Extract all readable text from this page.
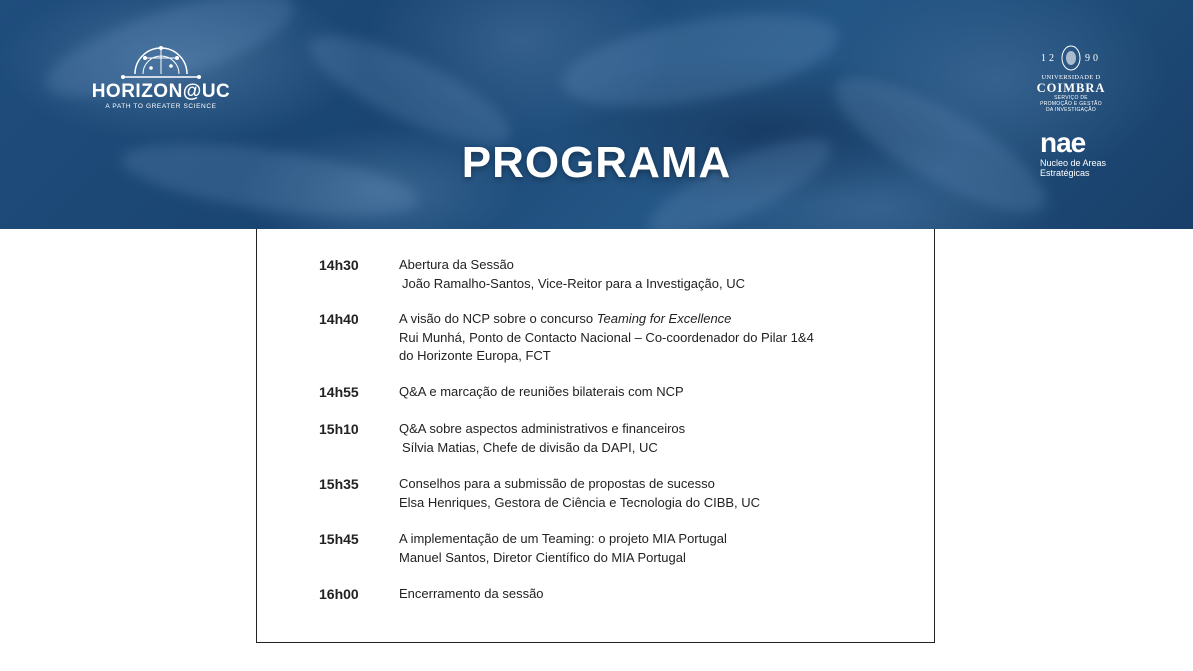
HORIZON@UC
A PATH TO GREATER SCIENCE
PROGRAMA
12	90
UNIVERSIDADE D
COIMBRA
SERVIÇO DE
PROMOÇÃO E GESTÃO
DA INVESTIGAÇÃO
nae
Nucleo de Areas
Estratégicas
14h30	Abertura da Sessão
João Ramalho-Santos, Vice-Reitor para a Investigação, UC
14h40	A visão do NCP sobre o concurso Teaming for Excellence
Rui Munhá, Ponto de Contacto Nacional – Co-coordenador do Pilar 1&4
do Horizonte Europa, FCT
14h55	Q&A e marcação de reuniões bilaterais com NCP
15h10	Q&A sobre aspectos administrativos e financeiros
Sílvia Matias, Chefe de divisão da DAPI, UC
15h35	Conselhos para a submissão de propostas de sucesso
Elsa Henriques, Gestora de Ciência e Tecnologia do CIBB, UC
15h45	A implementação de um Teaming: o projeto MIA Portugal
Manuel Santos, Diretor Científico do MIA Portugal
16h00	Encerramento da sessão
